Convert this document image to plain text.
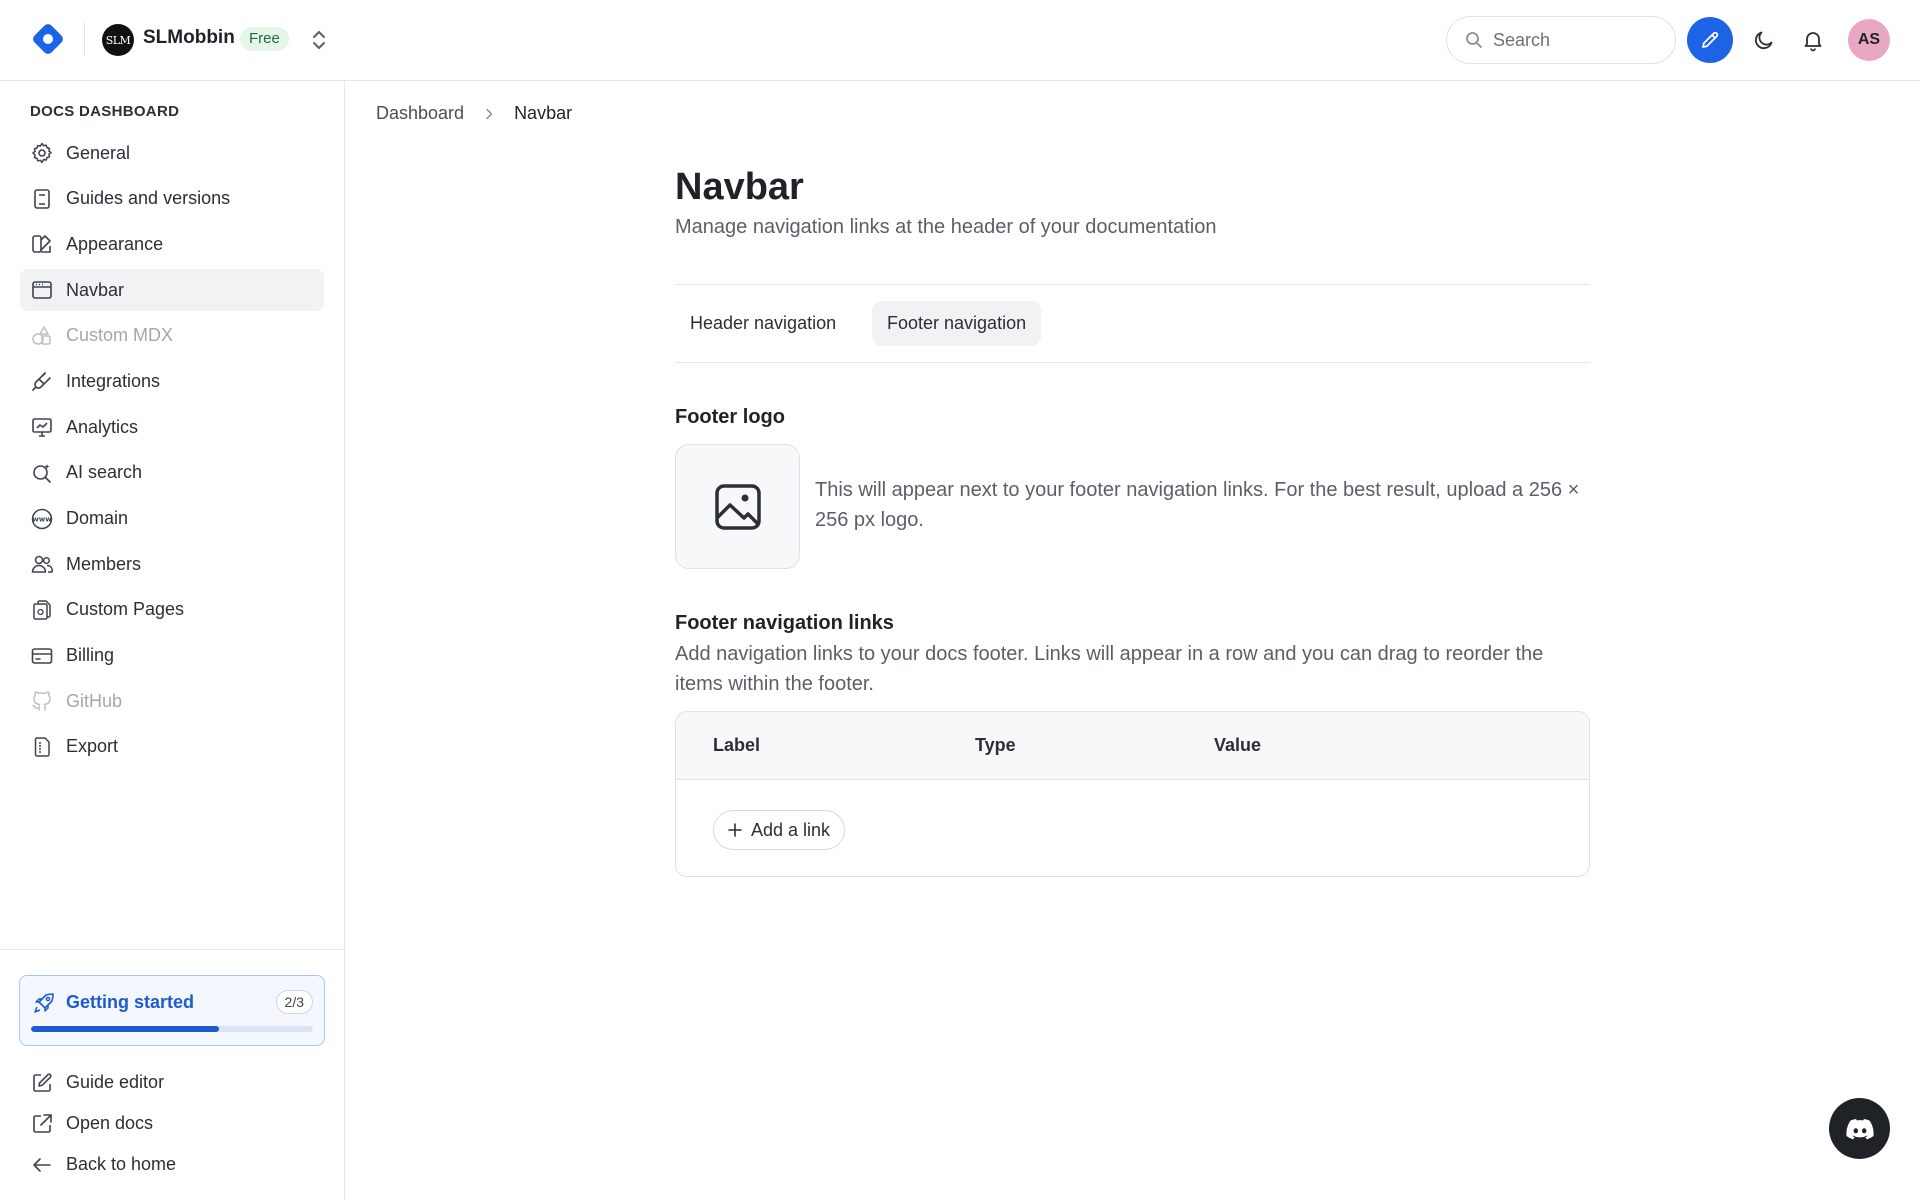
SLM SLMobbin Free
Search	AS
DOCS DASHBOARD
General
Guides and versions
Appearance
Navbar
Custom MDX
Integrations
Analytics
AI search
www Domain
Members
Custom Pages
Billing
GitHub
Export
Getting started	2/3
Guide editor
Open docs
Back to home
Dashboard	Navbar
Navbar
Manage navigation links at the header of your documentation
Header navigation	Footer navigation
Footer logo
This will appear next to your footer navigation links. For the best result, upload a 256 × 256 px logo.
Footer navigation links
Add navigation links to your docs footer. Links will appear in a row and you can drag to reorder the items within the footer.
Label	Type	Value
Add a link
